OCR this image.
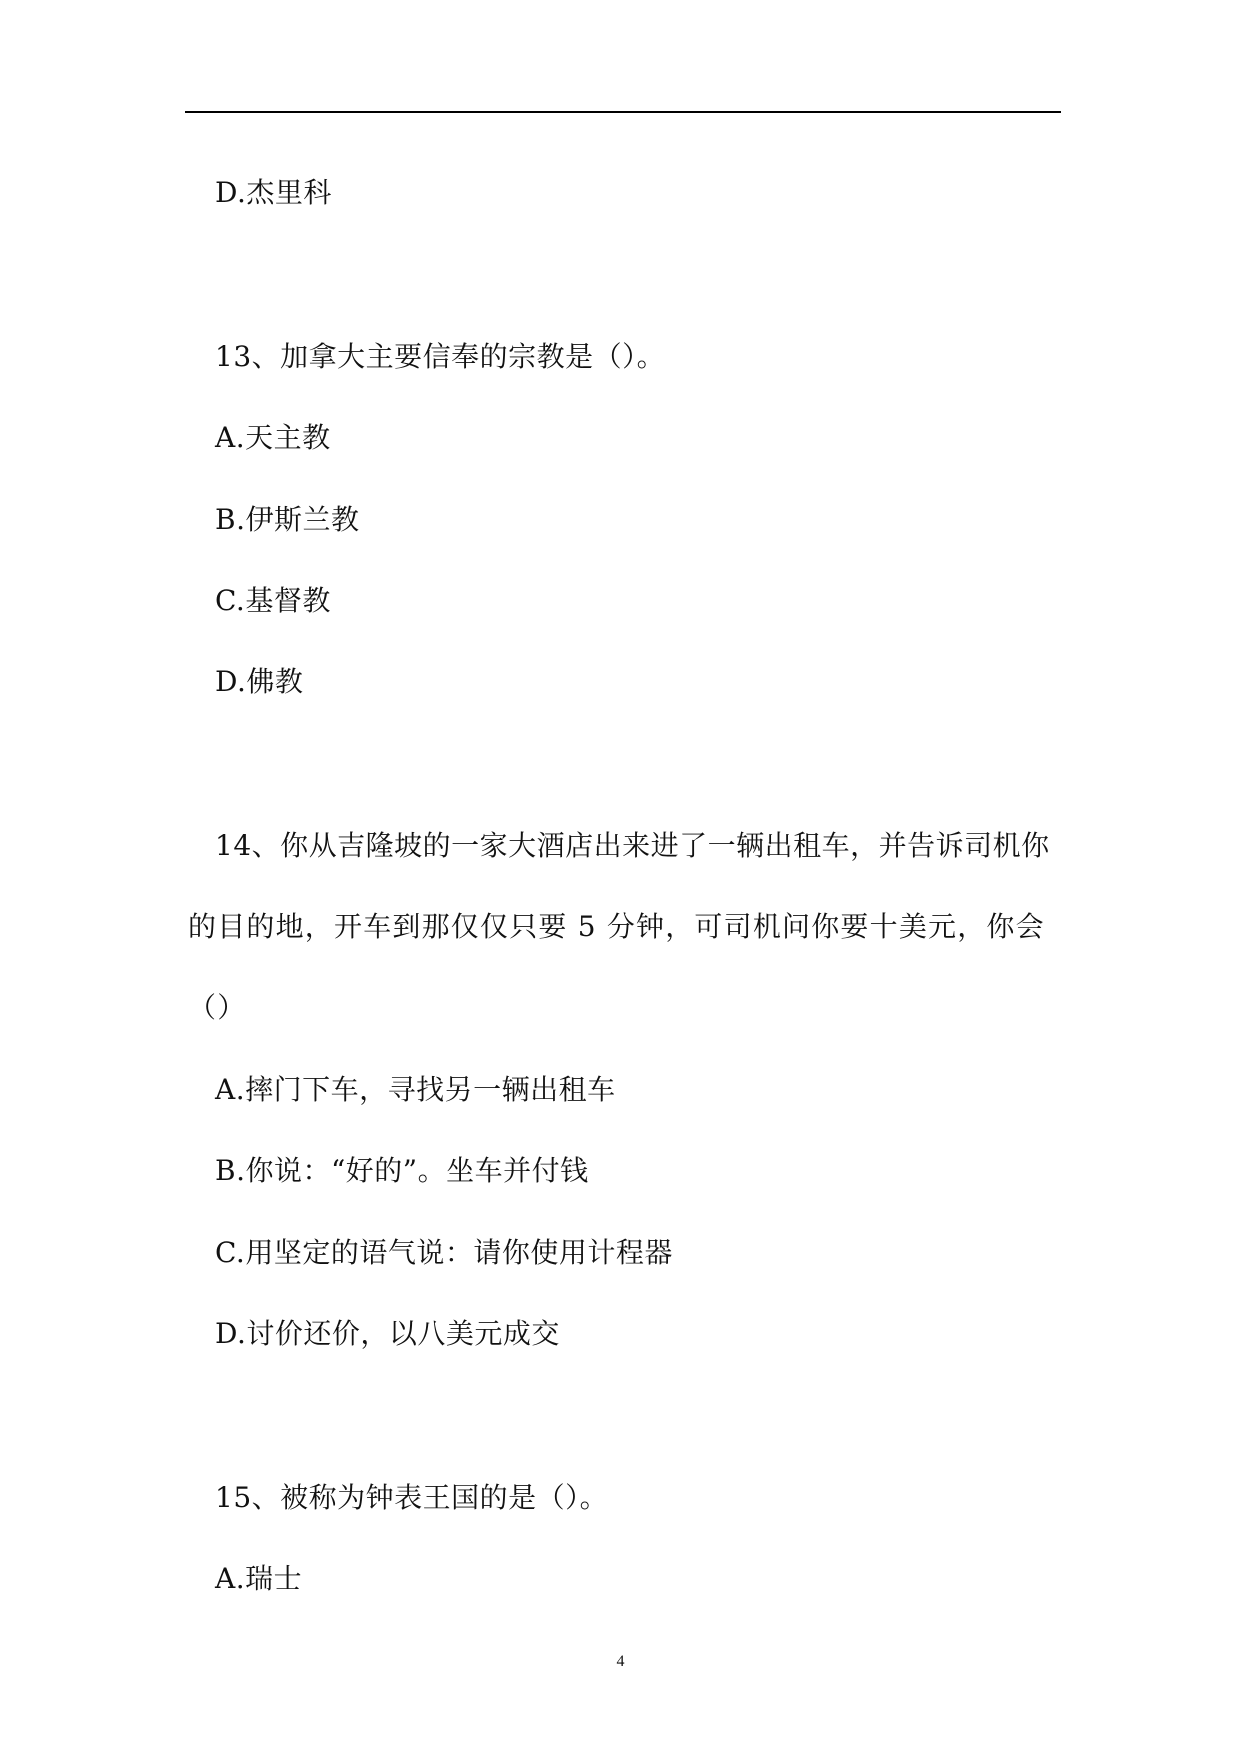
D.杰里科
13、加拿大主要信奉的宗教是（）。
A.天主教
B.伊斯兰教
C.基督教
D.佛教
14、你从吉隆坡的一家大酒店出来进了一辆出租车，并告诉司机你
的目的地，开车到那仅仅只要 5 分钟，可司机问你要十美元，你会
（）
A.摔门下车，寻找另一辆出租车
B.你说：“好的”。坐车并付钱
C.用坚定的语气说：请你使用计程器
D.讨价还价，以八美元成交
15、被称为钟表王国的是（）。
A.瑞士
4
